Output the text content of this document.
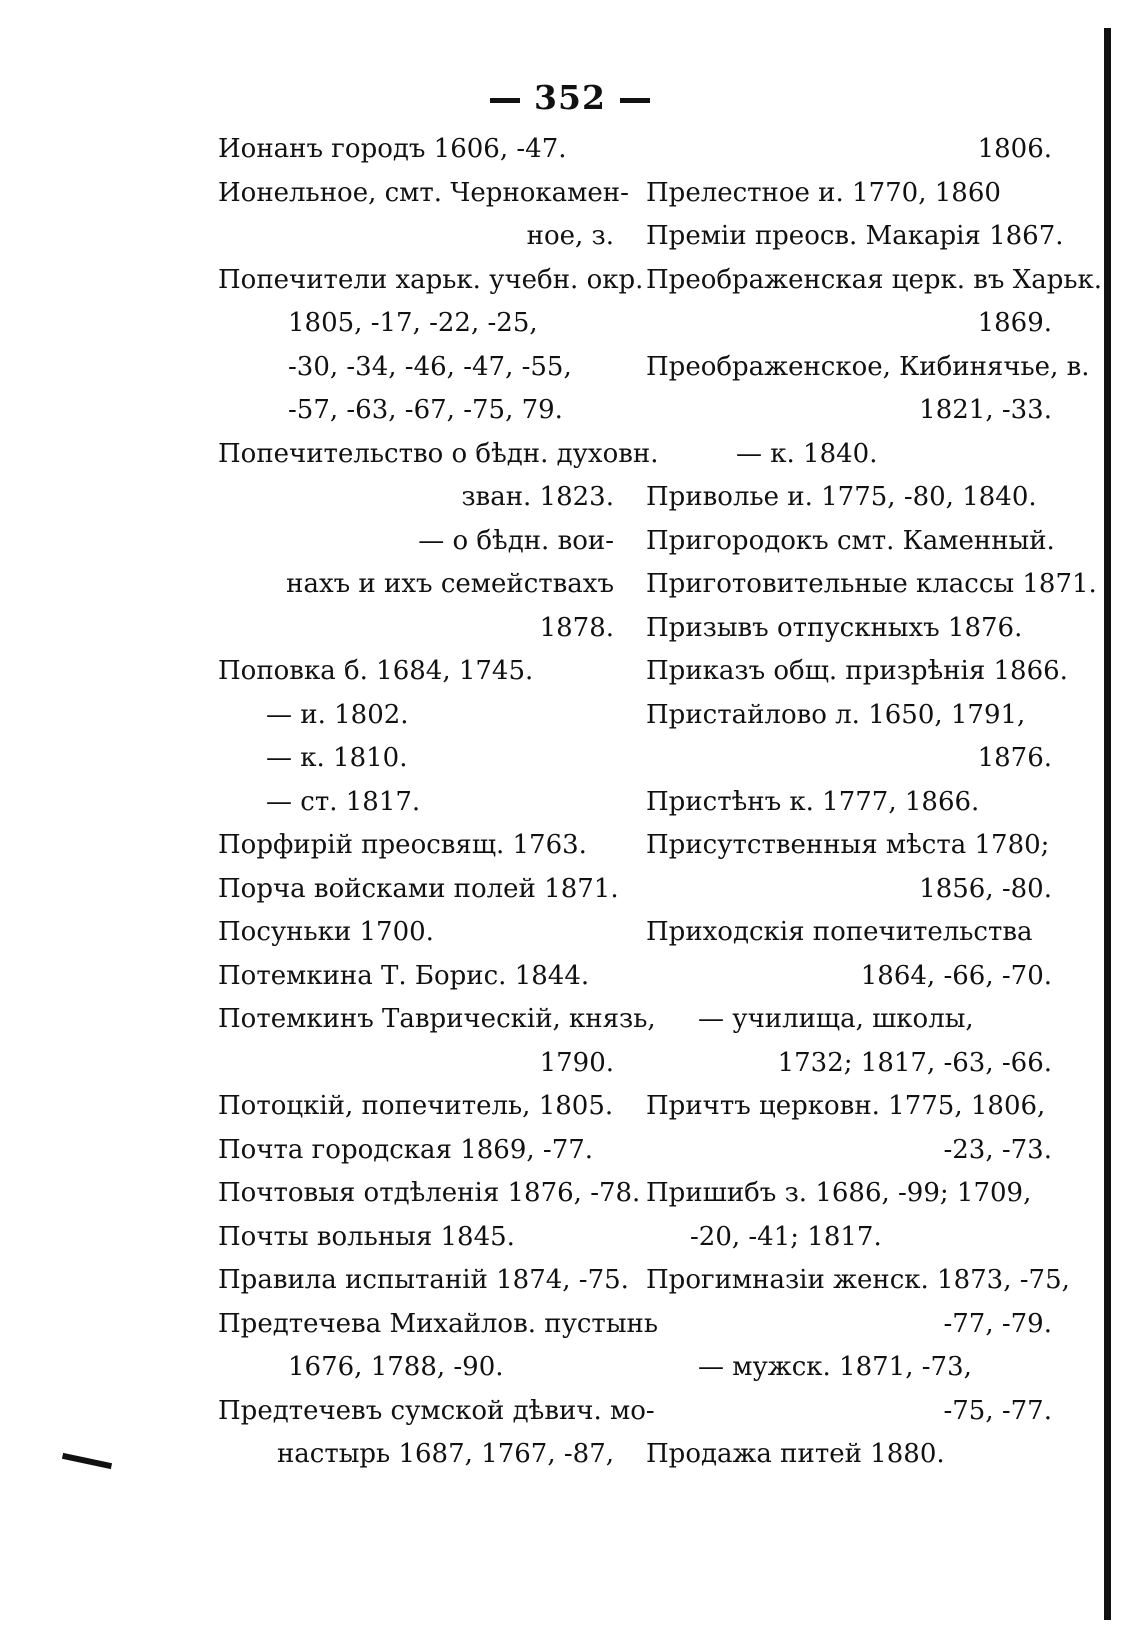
352
Ионанъ городъ 1606, -47.
Ионельное, смт. Чернокамен-
ное, з.
Попечители харьк. учебн. окр.
1805, -17, -22, -25,
-30, -34, -46, -47, -55,
-57, -63, -67, -75, 79.
Попечительство о бѣдн. духовн.
зван. 1823.
— о бѣдн. вои-
нахъ и ихъ семействахъ
1878.
Поповка б. 1684, 1745.
— и. 1802.
— к. 1810.
— ст. 1817.
Порфирій преосвящ. 1763.
Порча войсками полей 1871.
Посуньки 1700.
Потемкина Т. Борис. 1844.
Потемкинъ Таврическій, князь,
1790.
Потоцкій, попечитель, 1805.
Почта городская 1869, -77.
Почтовыя отдѣленія 1876, -78.
Почты вольныя 1845.
Правила испытаній 1874, -75.
Предтечева Михайлов. пустынь
1676, 1788, -90.
Предтечевъ сумской дѣвич. мо-
настырь 1687, 1767, -87,
1806.
Прелестное и. 1770, 1860
Преміи преосв. Макарія 1867.
Преображенская церк. въ Харьк.
1869.
Преображенское, Кибинячье, в.
1821, -33.
— к. 1840.
Приволье и. 1775, -80, 1840.
Пригородокъ смт. Каменный.
Приготовительные классы 1871.
Призывъ отпускныхъ 1876.
Приказъ общ. призрѣнія 1866.
Пристайлово л. 1650, 1791,
1876.
Пристѣнъ к. 1777, 1866.
Присутственныя мѣста 1780;
1856, -80.
Приходскія попечительства
1864, -66, -70.
— училища, школы,
1732; 1817, -63, -66.
Причтъ церковн. 1775, 1806,
-23, -73.
Пришибъ з. 1686, -99; 1709,
-20, -41; 1817.
Прогимназіи женск. 1873, -75,
-77, -79.
— мужск. 1871, -73,
-75, -77.
Продажа питей 1880.
